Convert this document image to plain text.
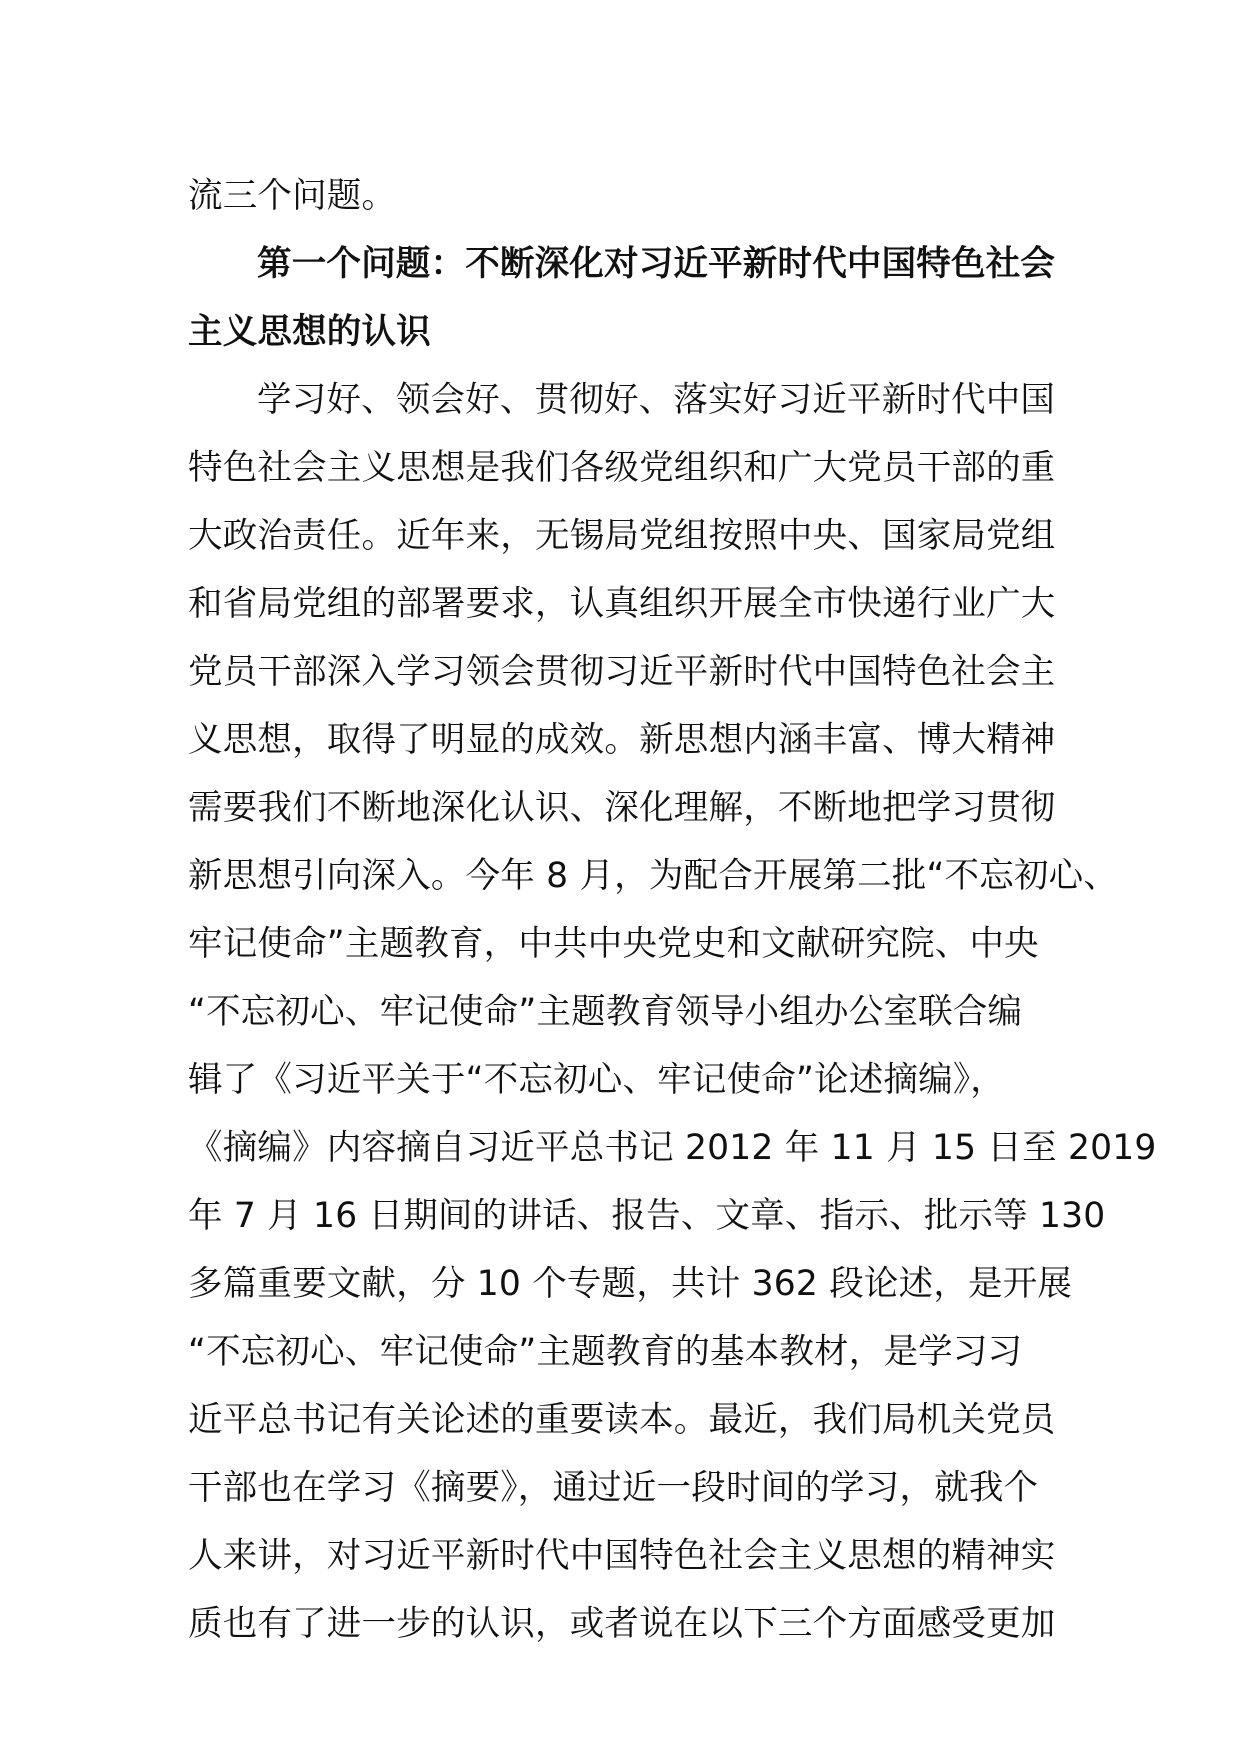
流三个问题。

第一个问题：不断深化对习近平新时代中国特色社会

主义思想的认识

学习好、领会好、贯彻好、落实好习近平新时代中国

特色社会主义思想是我们各级党组织和广大党员干部的重

大政治责任。近年来，无锡局党组按照中央、国家局党组

和省局党组的部署要求，认真组织开展全市快递行业广大

党员干部深入学习领会贯彻习近平新时代中国特色社会主

义思想，取得了明显的成效。新思想内涵丰富、博大精神

需要我们不断地深化认识、深化理解，不断地把学习贯彻

新思想引向深入。今年 8 月，为配合开展第二批“不忘初心、

牢记使命”主题教育，中共中央党史和文献研究院、中央

“不忘初心、牢记使命”主题教育领导小组办公室联合编

辑了《习近平关于“不忘初心、牢记使命”论述摘编》，

《摘编》内容摘自习近平总书记 2012 年 11 月 15 日至 2019

年 7 月 16 日期间的讲话、报告、文章、指示、批示等 130

多篇重要文献，分 10 个专题，共计 362 段论述，是开展

“不忘初心、牢记使命”主题教育的基本教材，是学习习

近平总书记有关论述的重要读本。最近，我们局机关党员

干部也在学习《摘要》，通过近一段时间的学习，就我个

人来讲，对习近平新时代中国特色社会主义思想的精神实

质也有了进一步的认识，或者说在以下三个方面感受更加
